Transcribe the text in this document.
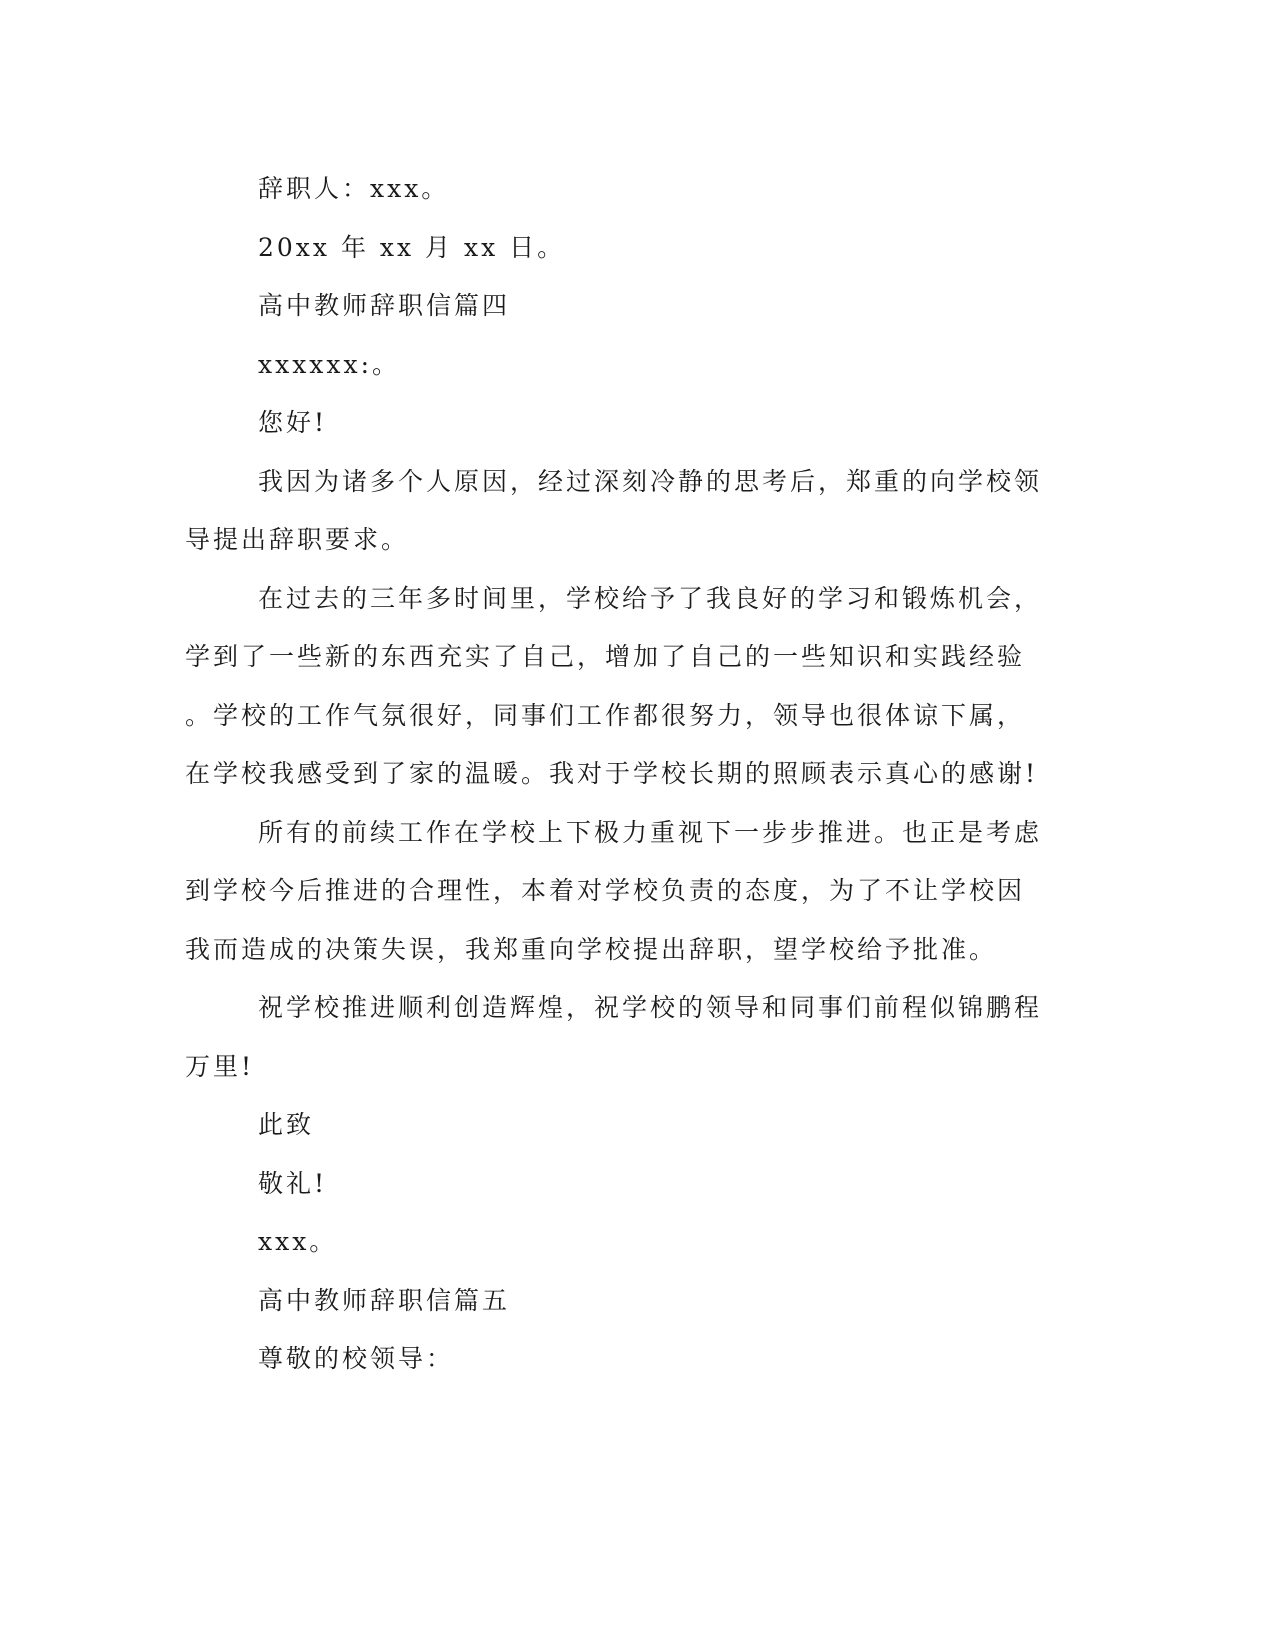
辞职人：xxx。

20xx 年 xx 月 xx 日。

高中教师辞职信篇四

xxxxxx:。

您好!

我因为诸多个人原因，经过深刻冷静的思考后，郑重的向学校领
导提出辞职要求。

在过去的三年多时间里，学校给予了我良好的学习和锻炼机会，
学到了一些新的东西充实了自己，增加了自己的一些知识和实践经验
。学校的工作气氛很好，同事们工作都很努力，领导也很体谅下属，
在学校我感受到了家的温暖。我对于学校长期的照顾表示真心的感谢!

所有的前续工作在学校上下极力重视下一步步推进。也正是考虑
到学校今后推进的合理性，本着对学校负责的态度，为了不让学校因
我而造成的决策失误，我郑重向学校提出辞职，望学校给予批准。

祝学校推进顺利创造辉煌，祝学校的领导和同事们前程似锦鹏程
万里!

此致

敬礼!

xxx。

高中教师辞职信篇五

尊敬的校领导：
